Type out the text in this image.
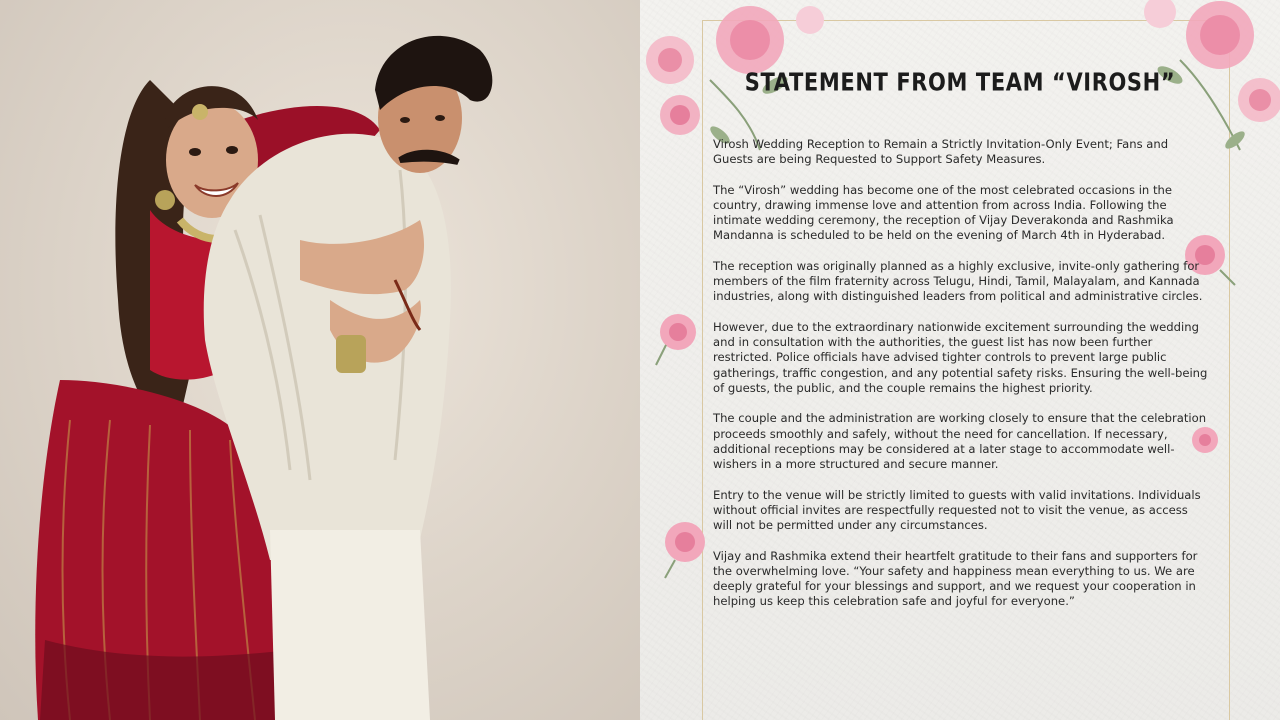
STATEMENT FROM TEAM “VIROSH”

Virosh Wedding Reception to Remain a Strictly Invitation-Only Event; Fans and Guests are being Requested to Support Safety Measures.

The “Virosh” wedding has become one of the most celebrated occasions in the country, drawing immense love and attention from across India. Following the intimate wedding ceremony, the reception of Vijay Deverakonda and Rashmika Mandanna is scheduled to be held on the evening of March 4th in Hyderabad.

The reception was originally planned as a highly exclusive, invite-only gathering for members of the film fraternity across Telugu, Hindi, Tamil, Malayalam, and Kannada industries, along with distinguished leaders from political and administrative circles.

However, due to the extraordinary nationwide excitement surrounding the wedding and in consultation with the authorities, the guest list has now been further restricted. Police officials have advised tighter controls to prevent large public gatherings, traffic congestion, and any potential safety risks. Ensuring the well-being of guests, the public, and the couple remains the highest priority.

The couple and the administration are working closely to ensure that the celebration proceeds smoothly and safely, without the need for cancellation. If necessary, additional receptions may be considered at a later stage to accommodate well-wishers in a more structured and secure manner.

Entry to the venue will be strictly limited to guests with valid invitations. Individuals without official invites are respectfully requested not to visit the venue, as access will not be permitted under any circumstances.

Vijay and Rashmika extend their heartfelt gratitude to their fans and supporters for the overwhelming love. “Your safety and happiness mean everything to us. We are deeply grateful for your blessings and support, and we request your cooperation in helping us keep this celebration safe and joyful for everyone.”
